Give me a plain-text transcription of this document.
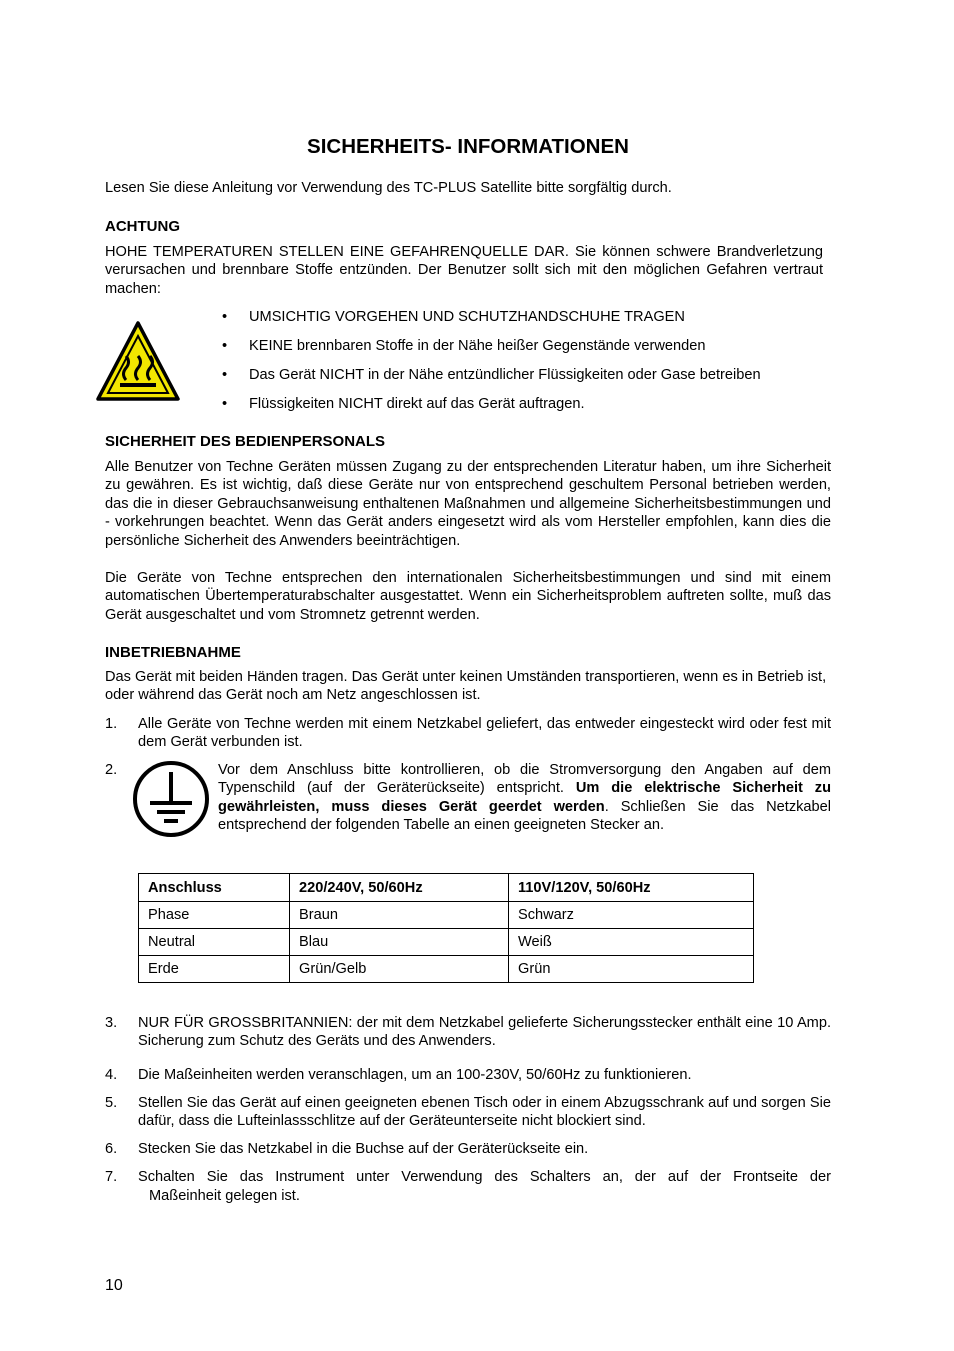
SICHERHEITS- INFORMATIONEN
Lesen Sie diese Anleitung vor Verwendung des TC-PLUS Satellite bitte sorgfältig durch.
ACHTUNG
HOHE TEMPERATUREN STELLEN EINE GEFAHRENQUELLE DAR. Sie können schwere Brandverletzung verursachen und brennbare Stoffe entzünden. Der Benutzer sollt sich mit den möglichen Gefahren vertraut machen:
• UMSICHTIG VORGEHEN UND SCHUTZHANDSCHUHE TRAGEN
• KEINE brennbaren Stoffe in der Nähe heißer Gegenstände verwenden
• Das Gerät NICHT in der Nähe entzündlicher Flüssigkeiten oder Gase betreiben
• Flüssigkeiten NICHT direkt auf das Gerät auftragen.
SICHERHEIT DES BEDIENPERSONALS
Alle Benutzer von Techne Geräten müssen Zugang zu der entsprechenden Literatur haben, um ihre Sicherheit zu gewähren. Es ist wichtig, daß diese Geräte nur von entsprechend geschultem Personal betrieben werden, das die in dieser Gebrauchsanweisung enthaltenen Maßnahmen und allgemeine Sicherheitsbestimmungen und - vorkehrungen beachtet. Wenn das Gerät anders eingesetzt wird als vom Hersteller empfohlen, kann dies die persönliche Sicherheit des Anwenders beeinträchtigen.
Die Geräte von Techne entsprechen den internationalen Sicherheitsbestimmungen und sind mit einem automatischen Übertemperaturabschalter ausgestattet. Wenn ein Sicherheitsproblem auftreten sollte, muß das Gerät ausgeschaltet und vom Stromnetz getrennt werden.
INBETRIEBNAHME
Das Gerät mit beiden Händen tragen. Das Gerät unter keinen Umständen transportieren, wenn es in Betrieb ist, oder während das Gerät noch am Netz angeschlossen ist.
1. Alle Geräte von Techne werden mit einem Netzkabel geliefert, das entweder eingesteckt wird oder fest mit dem Gerät verbunden ist.
2.	Vor dem Anschluss bitte kontrollieren, ob die Stromversorgung den Angaben auf dem Typenschild (auf der Geräterückseite) entspricht. Um die elektrische Sicherheit zu gewährleisten, muss dieses Gerät geerdet werden. Schließen Sie das Netzkabel entsprechend der folgenden Tabelle an einen geeigneten Stecker an.
Anschluss	220/240V, 50/60Hz	110V/120V, 50/60Hz
Phase	Braun	Schwarz
Neutral	Blau	Weiß
Erde	Grün/Gelb	Grün
3. NUR FÜR GROSSBRITANNIEN: der mit dem Netzkabel gelieferte Sicherungsstecker enthält eine 10 Amp. Sicherung zum Schutz des Geräts und des Anwenders.
4. Die Maßeinheiten werden veranschlagen, um an 100-230V, 50/60Hz zu funktionieren.
5. Stellen Sie das Gerät auf einen geeigneten ebenen Tisch oder in einem Abzugsschrank auf und sorgen Sie dafür, dass die Lufteinlassschlitze auf der Geräteunterseite nicht blockiert sind.
6. Stecken Sie das Netzkabel in die Buchse auf der Geräterückseite ein.
7. Schalten Sie das Instrument unter Verwendung des Schalters an, der auf der Frontseite der
Maßeinheit gelegen ist.
10
